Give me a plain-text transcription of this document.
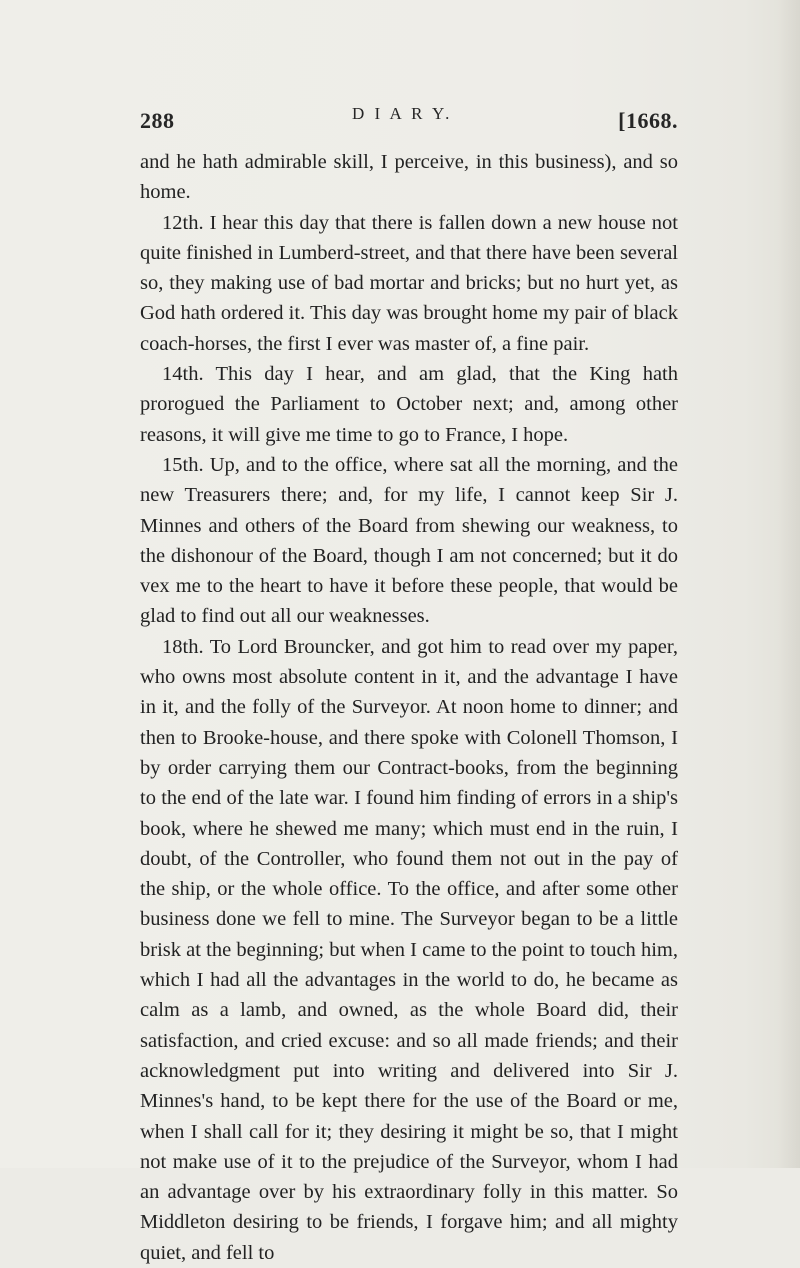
288	D I A R Y.	[1668.

and he hath admirable skill, I perceive, in this business), and so home.

12th. I hear this day that there is fallen down a new house not quite finished in Lumberd-street, and that there have been several so, they making use of bad mortar and bricks; but no hurt yet, as God hath ordered it. This day was brought home my pair of black coach-horses, the first I ever was master of, a fine pair.

14th. This day I hear, and am glad, that the King hath prorogued the Parliament to October next; and, among other reasons, it will give me time to go to France, I hope.

15th. Up, and to the office, where sat all the morning, and the new Treasurers there; and, for my life, I cannot keep Sir J. Minnes and others of the Board from shewing our weakness, to the dishonour of the Board, though I am not concerned; but it do vex me to the heart to have it before these people, that would be glad to find out all our weaknesses.

18th. To Lord Brouncker, and got him to read over my paper, who owns most absolute content in it, and the advantage I have in it, and the folly of the Surveyor. At noon home to dinner; and then to Brooke-house, and there spoke with Colonell Thomson, I by order carrying them our Contract-books, from the beginning to the end of the late war. I found him finding of errors in a ship's book, where he shewed me many; which must end in the ruin, I doubt, of the Controller, who found them not out in the pay of the ship, or the whole office. To the office, and after some other business done we fell to mine. The Surveyor began to be a little brisk at the beginning; but when I came to the point to touch him, which I had all the advantages in the world to do, he became as calm as a lamb, and owned, as the whole Board did, their satisfaction, and cried excuse: and so all made friends; and their acknowledgment put into writing and delivered into Sir J. Minnes's hand, to be kept there for the use of the Board or me, when I shall call for it; they desiring it might be so, that I might not make use of it to the prejudice of the Surveyor, whom I had an advantage over by his extraordinary folly in this matter. So Middleton desiring to be friends, I forgave him; and all mighty quiet, and fell to
